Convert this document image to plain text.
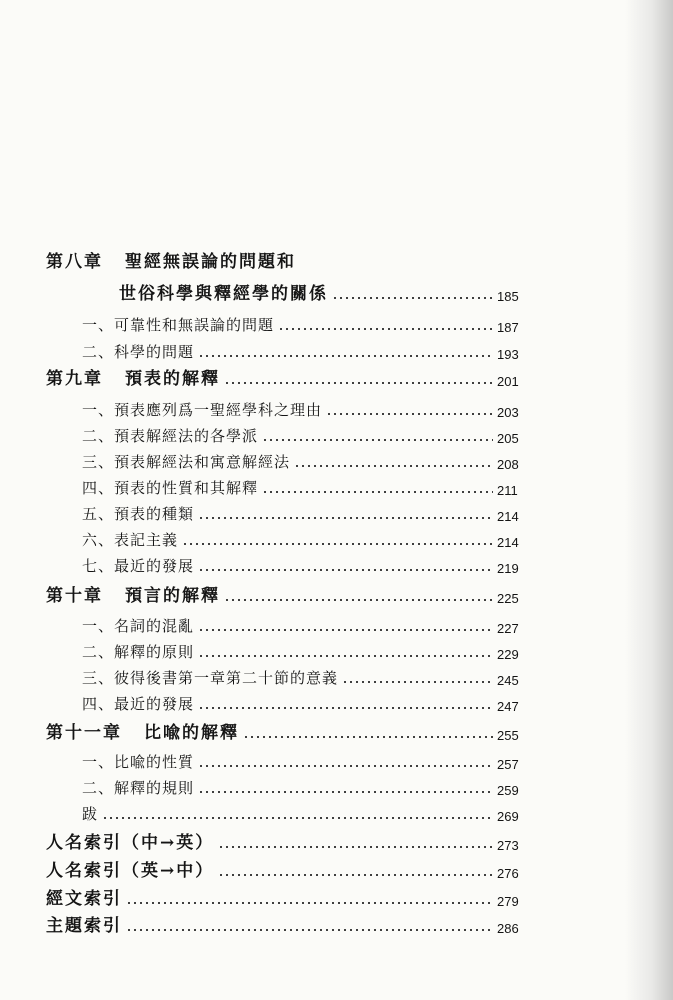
第八章 聖經無誤論的問題和
世俗科學與釋經學的關係	185
一、可靠性和無誤論的問題	187
二、科學的問題	193
第九章 預表的解釋	201
一、預表應列爲一聖經學科之理由	203
二、預表解經法的各學派	205
三、預表解經法和寓意解經法	208
四、預表的性質和其解釋	211
五、預表的種類	214
六、表記主義	214
七、最近的發展	219
第十章 預言的解釋	225
一、名詞的混亂	227
二、解釋的原則	229
三、彼得後書第一章第二十節的意義	245
四、最近的發展	247
第十一章 比喩的解釋	255
一、比喩的性質	257
二、解釋的規則	259
跋	269
人名索引（中→英）	273
人名索引（英→中）	276
經文索引	279
主題索引	286
